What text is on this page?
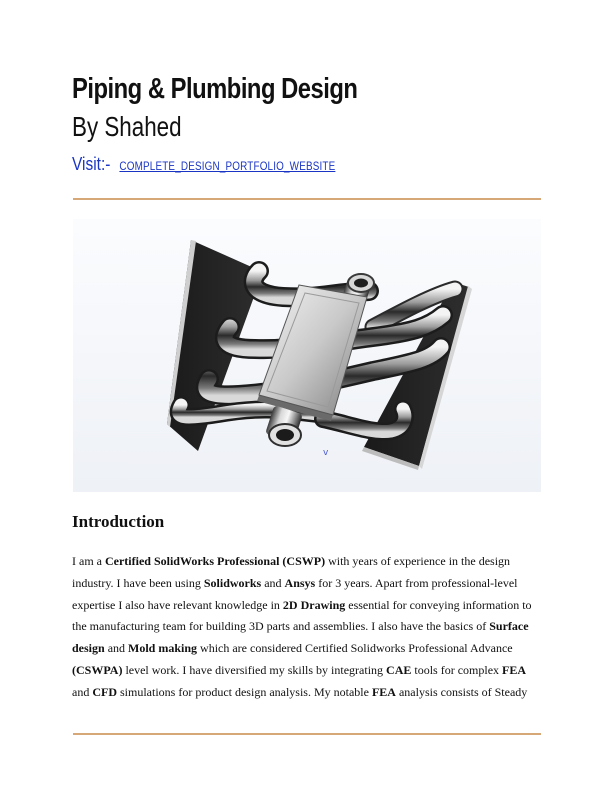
Piping & Plumbing Design
By Shahed
Visit:- COMPLETE_DESIGN_PORTFOLIO_WEBSITE
v
Introduction

I am a Certified SolidWorks Professional (CSWP) with years of experience in the design industry. I have been using Solidworks and Ansys for 3 years. Apart from professional-level expertise I also have relevant knowledge in 2D Drawing essential for conveying information to the manufacturing team for building 3D parts and assemblies. I also have the basics of Surface design and Mold making which are considered Certified Solidworks Professional Advance (CSWPA) level work. I have diversified my skills by integrating CAE tools for complex FEA and CFD simulations for product design analysis. My notable FEA analysis consists of Steady
